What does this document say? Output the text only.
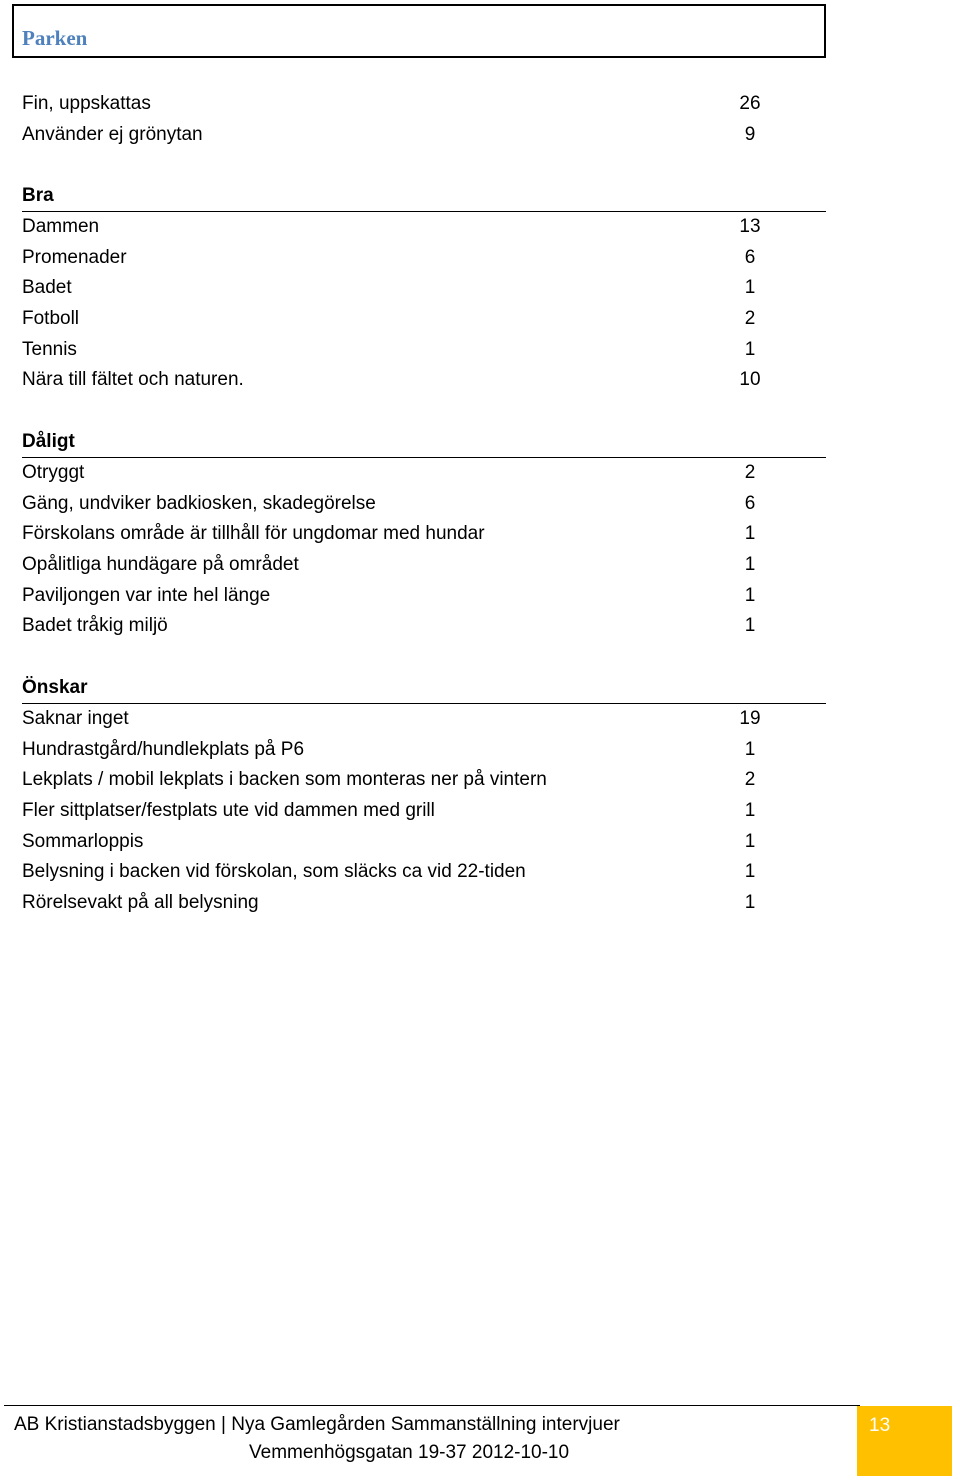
Parken
Fin, uppskattas	26
Använder ej grönytan	9
Bra
Dammen	13
Promenader	6
Badet	1
Fotboll	2
Tennis	1
Nära till fältet och naturen.	10
Dåligt
Otryggt	2
Gäng, undviker badkiosken, skadegörelse	6
Förskolans område är tillhåll för ungdomar med hundar	1
Opålitliga hundägare på området	1
Paviljongen var inte hel länge	1
Badet tråkig miljö	1
Önskar
Saknar inget	19
Hundrastgård/hundlekplats på P6	1
Lekplats / mobil lekplats i backen som monteras ner på vintern	2
Fler sittplatser/festplats ute vid dammen med grill	1
Sommarloppis	1
Belysning i backen vid förskolan, som släcks ca vid 22-tiden	1
Rörelsevakt på all belysning	1
AB Kristianstadsbyggen | Nya Gamlegården Sammanställning intervjuer
Vemmenhögsgatan 19-37 2012-10-10
13
